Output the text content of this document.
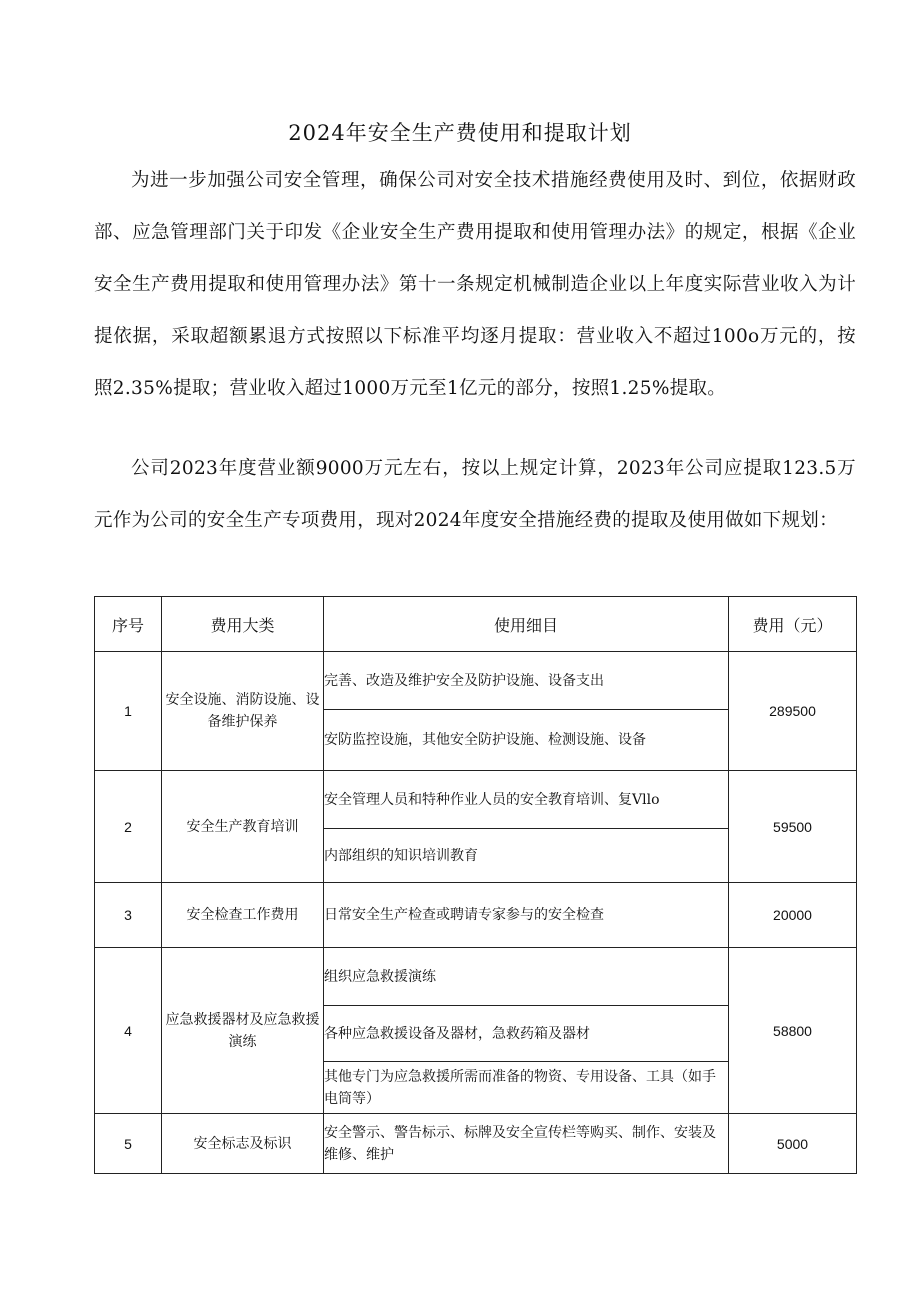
2024年安全生产费使用和提取计划

为进一步加强公司安全管理，确保公司对安全技术措施经费使用及时、到位，依据财政部、应急管理部门关于印发《企业安全生产费用提取和使用管理办法》的规定，根据《企业安全生产费用提取和使用管理办法》第十一条规定机械制造企业以上年度实际营业收入为计提依据，采取超额累退方式按照以下标准平均逐月提取：营业收入不超过100o万元的，按照2.35%提取；营业收入超过1000万元至1亿元的部分，按照1.25%提取。

公司2023年度营业额9000万元左右，按以上规定计算，2023年公司应提取123.5万元作为公司的安全生产专项费用，现对2024年度安全措施经费的提取及使用做如下规划：

序号	费用大类	使用细目	费用（元）
1	安全设施、消防设施、设备维护保养	完善、改造及维护安全及防护设施、设备支出	289500
		安防监控设施，其他安全防护设施、检测设施、设备	
2	安全生产教育培训	安全管理人员和特种作业人员的安全教育培训、复Vllo	59500
		内部组织的知识培训教育	
3	安全检查工作费用	日常安全生产检查或聘请专家参与的安全检查	20000
4	应急救援器材及应急救援演练	组织应急救援演练	58800
		各种应急救援设备及器材，急救药箱及器材	
		其他专门为应急救援所需而准备的物资、专用设备、工具（如手电筒等）	
5	安全标志及标识	安全警示、警告标示、标牌及安全宣传栏等购买、制作、安装及维修、维护	5000
